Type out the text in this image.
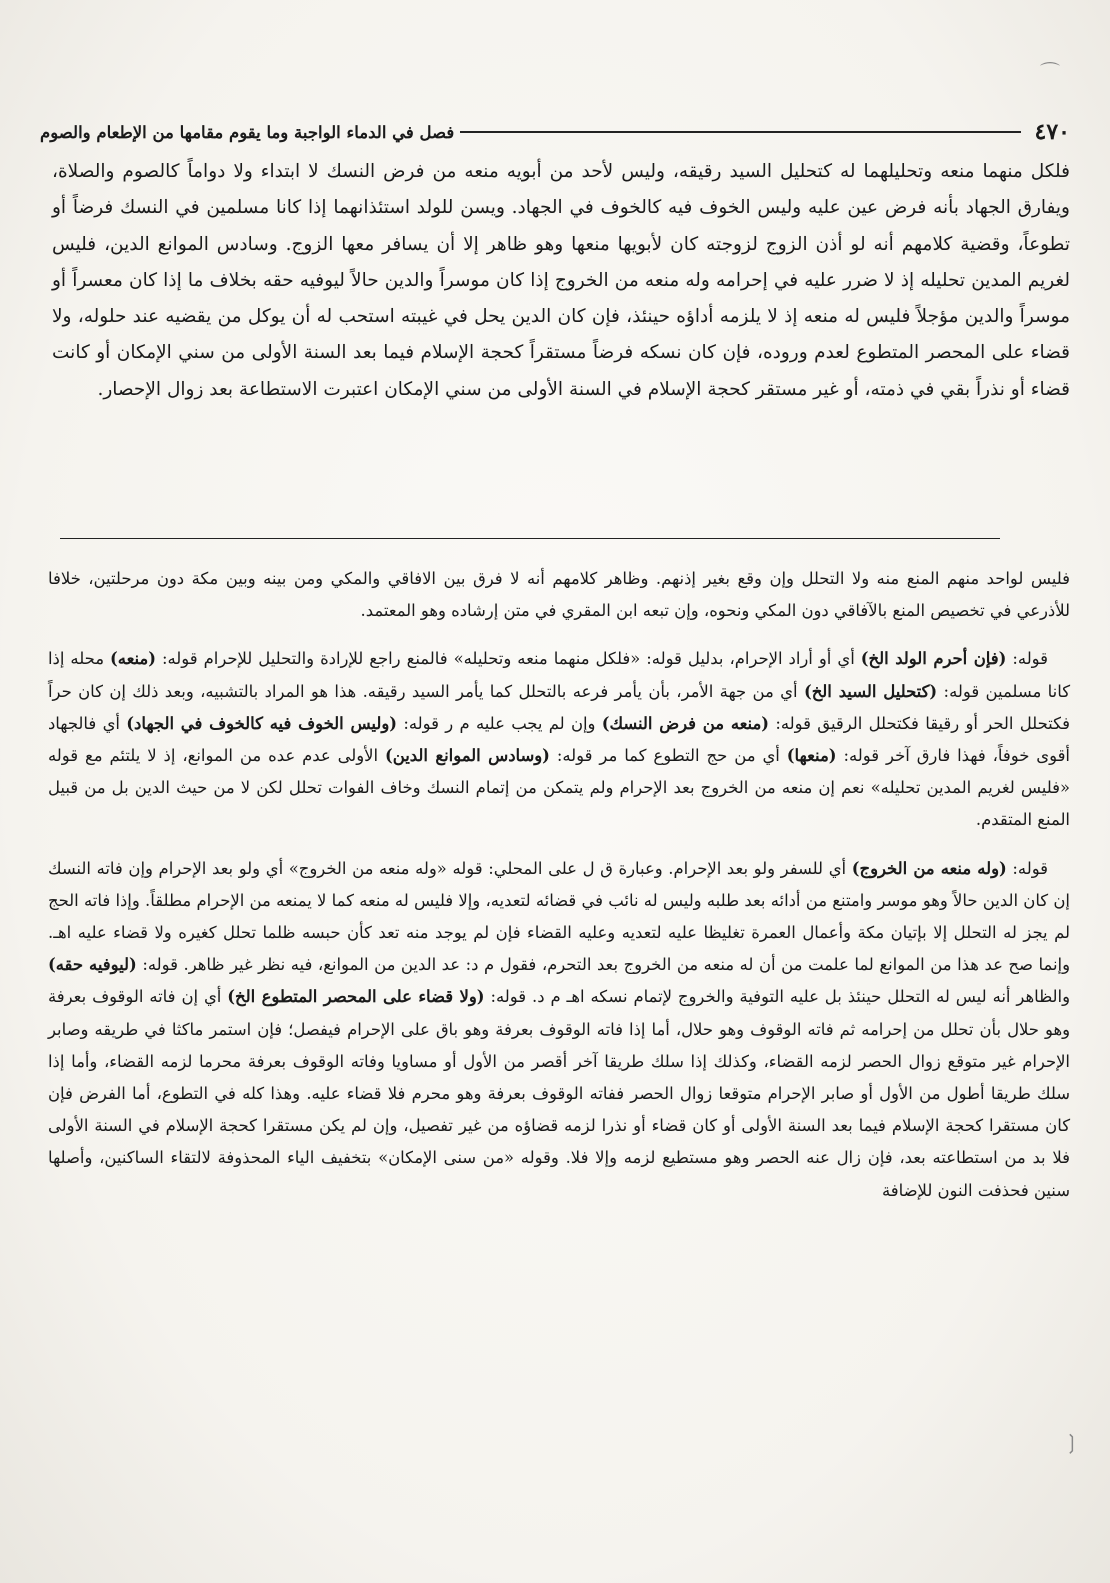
٤٧٠
فصل في الدماء الواجبة وما يقوم مقامها من الإطعام والصوم

فلكل منهما منعه وتحليلهما له كتحليل السيد رقيقه، وليس لأحد من أبويه منعه من فرض النسك لا ابتداء ولا دواماً كالصوم والصلاة، ويفارق الجهاد بأنه فرض عين عليه وليس الخوف فيه كالخوف في الجهاد. ويسن للولد استئذانهما إذا كانا مسلمين في النسك فرضاً أو تطوعاً، وقضية كلامهم أنه لو أذن الزوج لزوجته كان لأبويها منعها وهو ظاهر إلا أن يسافر معها الزوج. وسادس الموانع الدين، فليس لغريم المدين تحليله إذ لا ضرر عليه في إحرامه وله منعه من الخروج إذا كان موسراً والدين حالاً ليوفيه حقه بخلاف ما إذا كان معسراً أو موسراً والدين مؤجلاً فليس له منعه إذ لا يلزمه أداؤه حينئذ، فإن كان الدين يحل في غيبته استحب له أن يوكل من يقضيه عند حلوله، ولا قضاء على المحصر المتطوع لعدم وروده، فإن كان نسكه فرضاً مستقراً كحجة الإسلام فيما بعد السنة الأولى من سني الإمكان أو كانت قضاء أو نذراً بقي في ذمته، أو غير مستقر كحجة الإسلام في السنة الأولى من سني الإمكان اعتبرت الاستطاعة بعد زوال الإحصار.

فليس لواحد منهم المنع منه ولا التحلل وإن وقع بغير إذنهم. وظاهر كلامهم أنه لا فرق بين الافاقي والمكي ومن بينه وبين مكة دون مرحلتين، خلافا للأذرعي في تخصيص المنع بالآفاقي دون المكي ونحوه، وإن تبعه ابن المقري في متن إرشاده وهو المعتمد.

قوله: (فإن أحرم الولد الخ) أي أو أراد الإحرام، بدليل قوله: «فلكل منهما منعه وتحليله» فالمنع راجع للإرادة والتحليل للإحرام قوله: (منعه) محله إذا كانا مسلمين قوله: (كتحليل السيد الخ) أي من جهة الأمر، بأن يأمر فرعه بالتحلل كما يأمر السيد رقيقه. هذا هو المراد بالتشبيه، وبعد ذلك إن كان حراً فكتحلل الحر أو رقيقا فكتحلل الرقيق قوله: (منعه من فرض النسك) وإن لم يجب عليه م ر قوله: (وليس الخوف فيه كالخوف في الجهاد) أي فالجهاد أقوى خوفاً، فهذا فارق آخر قوله: (منعها) أي من حج التطوع كما مر قوله: (وسادس الموانع الدين) الأولى عدم عده من الموانع، إذ لا يلتئم مع قوله «فليس لغريم المدين تحليله» نعم إن منعه من الخروج بعد الإحرام ولم يتمكن من إتمام النسك وخاف الفوات تحلل لكن لا من حيث الدين بل من قبيل المنع المتقدم.

قوله: (وله منعه من الخروج) أي للسفر ولو بعد الإحرام. وعبارة ق ل على المحلي: قوله «وله منعه من الخروج» أي ولو بعد الإحرام وإن فاته النسك إن كان الدين حالاً وهو موسر وامتنع من أدائه بعد طلبه وليس له نائب في قضائه لتعديه، وإلا فليس له منعه كما لا يمنعه من الإحرام مطلقاً. وإذا فاته الحج لم يجز له التحلل إلا بإتيان مكة وأعمال العمرة تغليظا عليه لتعديه وعليه القضاء فإن لم يوجد منه تعد كأن حبسه ظلما تحلل كغيره ولا قضاء عليه اهـ. وإنما صح عد هذا من الموانع لما علمت من أن له منعه من الخروج بعد التحرم، فقول م د: عد الدين من الموانع، فيه نظر غير ظاهر. قوله: (ليوفيه حقه) والظاهر أنه ليس له التحلل حينئذ بل عليه التوفية والخروج لإتمام نسكه اهـ م د. قوله: (ولا قضاء على المحصر المتطوع الخ) أي إن فاته الوقوف بعرفة وهو حلال بأن تحلل من إحرامه ثم فاته الوقوف وهو حلال، أما إذا فاته الوقوف بعرفة وهو باق على الإحرام فيفصل؛ فإن استمر ماكثا في طريقه وصابر الإحرام غير متوقع زوال الحصر لزمه القضاء، وكذلك إذا سلك طريقا آخر أقصر من الأول أو مساويا وفاته الوقوف بعرفة محرما لزمه القضاء، وأما إذا سلك طريقا أطول من الأول أو صابر الإحرام متوقعا زوال الحصر ففاته الوقوف بعرفة وهو محرم فلا قضاء عليه. وهذا كله في التطوع، أما الفرض فإن كان مستقرا كحجة الإسلام فيما بعد السنة الأولى أو كان قضاء أو نذرا لزمه قضاؤه من غير تفصيل، وإن لم يكن مستقرا كحجة الإسلام في السنة الأولى فلا بد من استطاعته بعد، فإن زال عنه الحصر وهو مستطيع لزمه وإلا فلا. وقوله «من سنى الإمكان» بتخفيف الياء المحذوفة لالتقاء الساكنين، وأصلها سنين فحذفت النون للإضافة

⌒
❲
